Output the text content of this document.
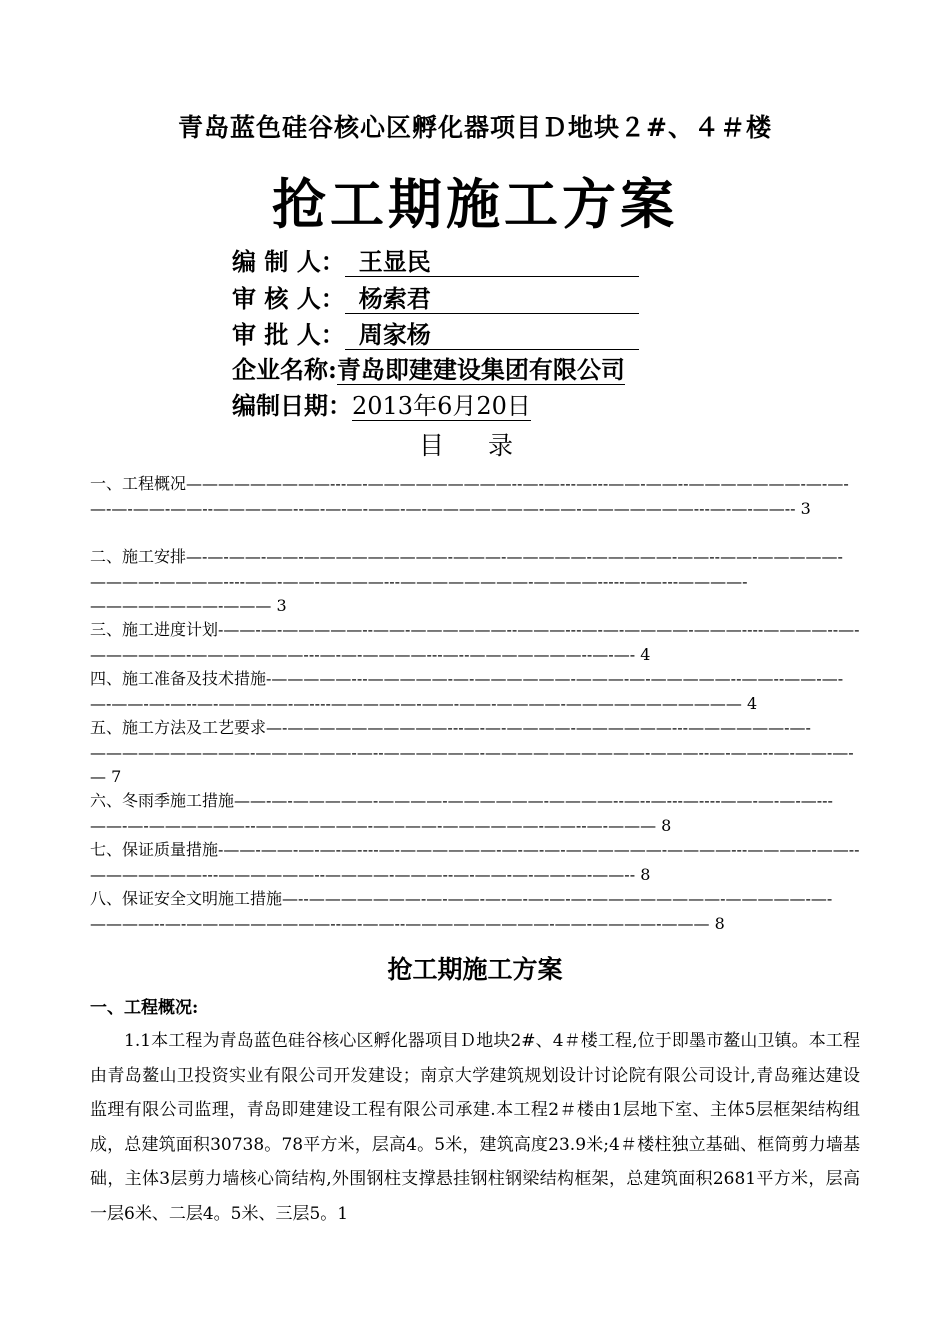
青岛蓝色硅谷核心区孵化器项目Ｄ地块２#、４＃楼
抢工期施工方案
编 制 人： 王显民
审 核 人： 杨索君
审 批 人： 周家杨
企业名称:青岛即建建设集团有限公司
编制日期：2013年6月20日
目 录

一、工程概况—————————---—-—————————--—-—---—---——-——--———————-—-—-—-—-——-——--—————--—-—-—-——-—-———————-——-———————---—-—-——-- 3

二、施工安排—-—-——-——-—————————-———-—————-—————-——--——-—————-————-————----——-——-————---————————-————-----—-—---————-————————-——— 3

三、施工进度计划-——-—-—————--——-——————--———---—-—-————-———----————--—-——————-———————---—-—-————---—--———————--—-—- 4

四、施工准备及技术措施-—————---—————-—-——————-———-—-—————--——--——-—-—-——-—-—--—-———-—-—----————-—-——-——-————-——————————— 4

五、施工方法及工艺要求—-——————————---—-—-————-——————---——————-—-——————————-——————-—--——————-——————————-———--—-——--—-——-—-— 7

六、冬雨季施工措施——-—-—————-————-——————-————--—--—---—----——-—-—-—---——-—-——————--———————-————-——————-——--—-——— 8

七、保证质量措施-——-——-—-—-—----—-——————-—-—-—-——————-————---————-——--———————---——————--————-———--—-——-—-——-—-——-- 8

八、保证安全文明施工措施—--———————-—-——-—-—-—-—-—-————————-—————-—-————--—-—————————--—-——--—————————-——-————-——— 8

抢工期施工方案
一、工程概况:
1.1本工程为青岛蓝色硅谷核心区孵化器项目Ｄ地块2#、4＃楼工程,位于即墨市鳌山卫镇。本工程由青岛鳌山卫投资实业有限公司开发建设；南京大学建筑规划设计讨论院有限公司设计,青岛雍达建设监理有限公司监理，青岛即建建设工程有限公司承建.本工程2＃楼由1层地下室、主体5层框架结构组成，总建筑面积30738。78平方米，层高4。5米，建筑高度23.9米;4＃楼柱独立基础、框筒剪力墙基础，主体3层剪力墙核心筒结构,外围钢柱支撑悬挂钢柱钢梁结构框架，总建筑面积2681平方米，层高一层6米、二层4。5米、三层5。1
